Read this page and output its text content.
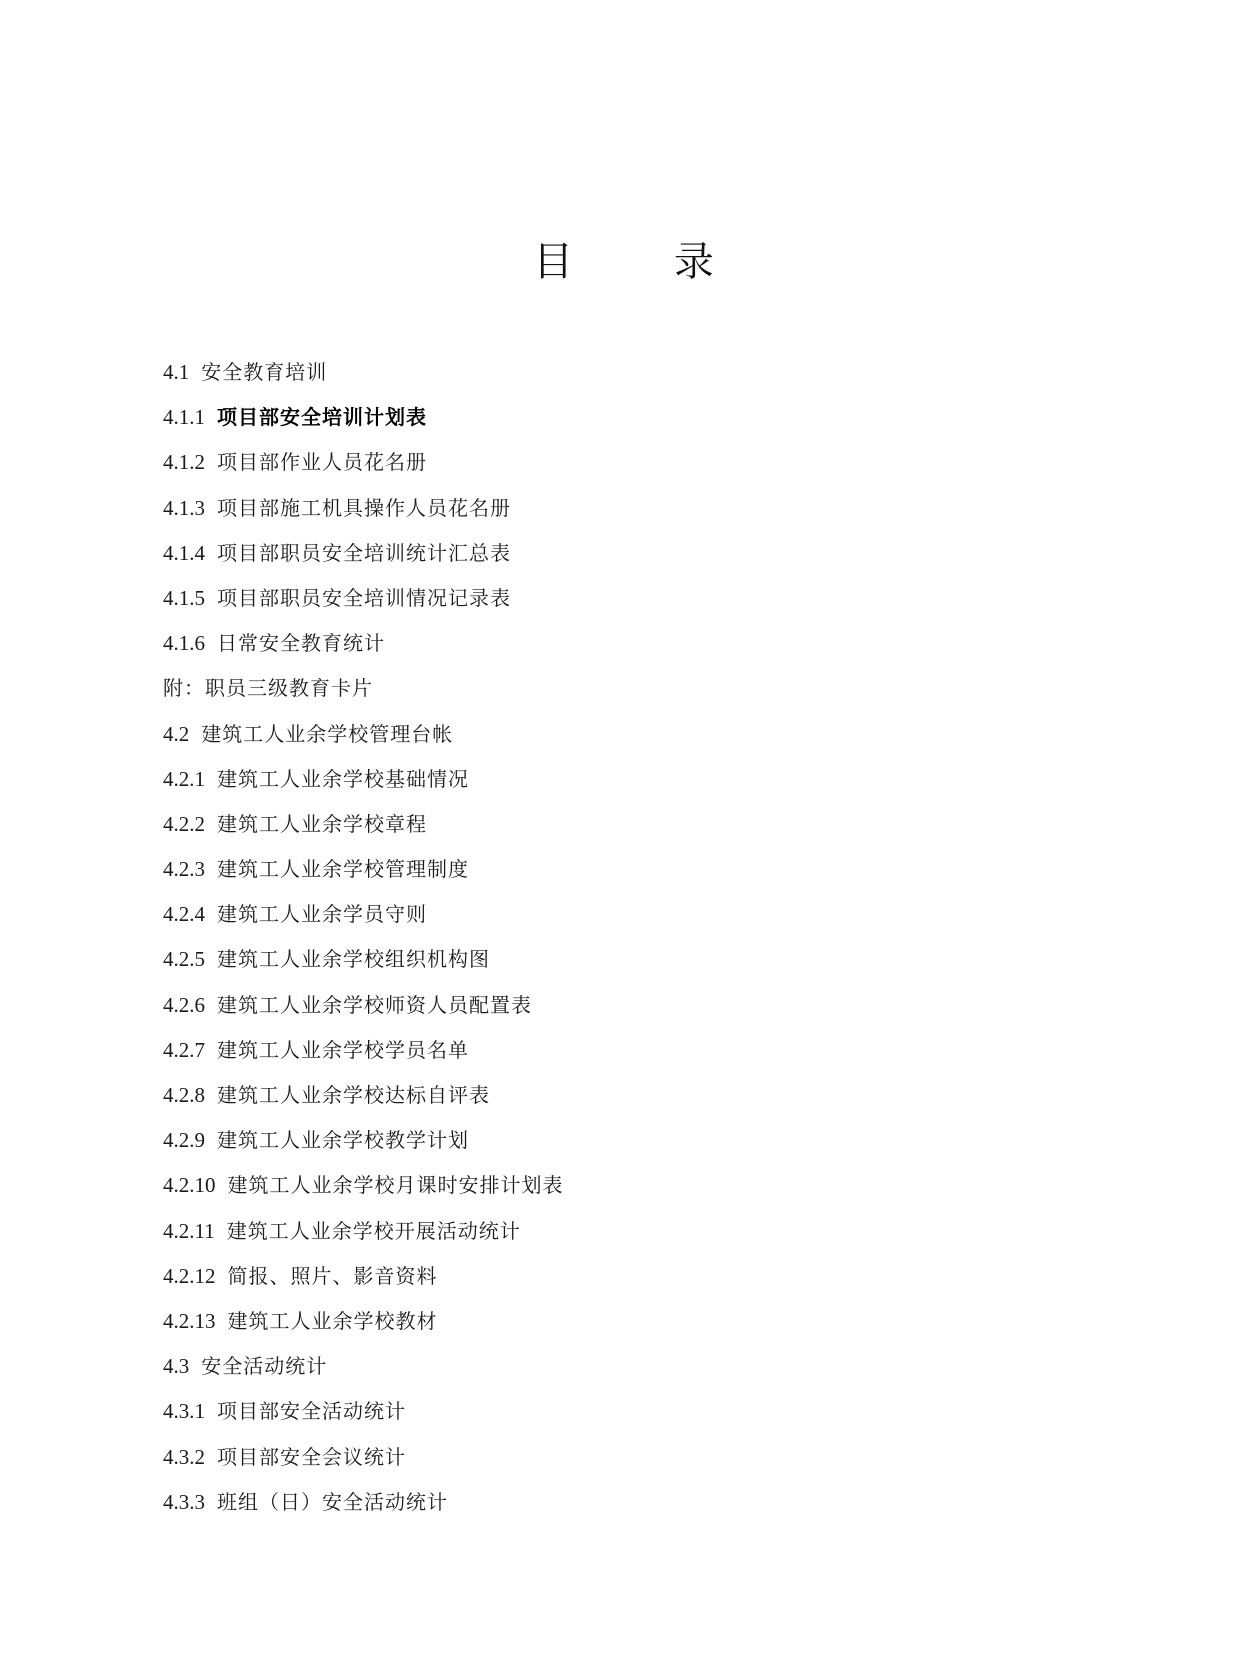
目 录
4.1 安全教育培训
4.1.1 项目部安全培训计划表
4.1.2 项目部作业人员花名册
4.1.3 项目部施工机具操作人员花名册
4.1.4 项目部职员安全培训统计汇总表
4.1.5 项目部职员安全培训情况记录表
4.1.6 日常安全教育统计
附：职员三级教育卡片
4.2 建筑工人业余学校管理台帐
4.2.1 建筑工人业余学校基础情况
4.2.2 建筑工人业余学校章程
4.2.3 建筑工人业余学校管理制度
4.2.4 建筑工人业余学员守则
4.2.5 建筑工人业余学校组织机构图
4.2.6 建筑工人业余学校师资人员配置表
4.2.7 建筑工人业余学校学员名单
4.2.8 建筑工人业余学校达标自评表
4.2.9 建筑工人业余学校教学计划
4.2.10 建筑工人业余学校月课时安排计划表
4.2.11 建筑工人业余学校开展活动统计
4.2.12 简报、照片、影音资料
4.2.13 建筑工人业余学校教材
4.3 安全活动统计
4.3.1 项目部安全活动统计
4.3.2 项目部安全会议统计
4.3.3 班组（日）安全活动统计
